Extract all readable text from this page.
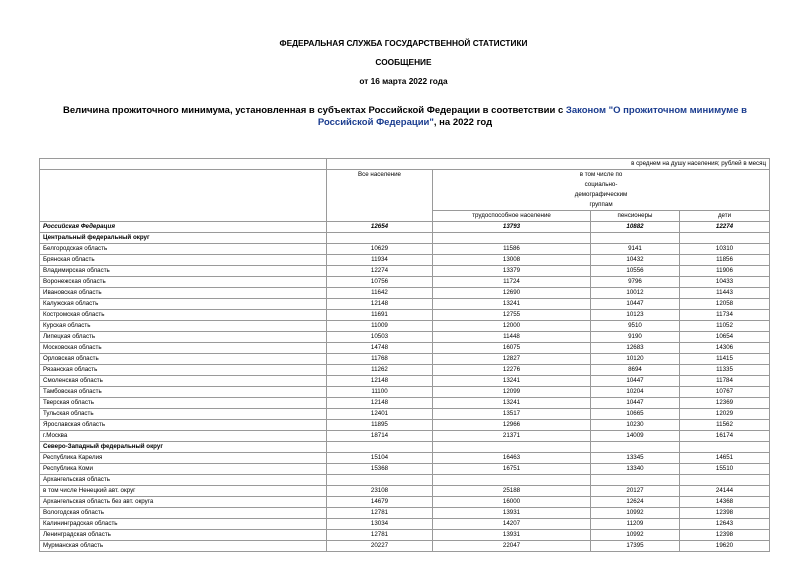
ФЕДЕРАЛЬНАЯ СЛУЖБА ГОСУДАРСТВЕННОЙ СТАТИСТИКИ
СООБЩЕНИЕ
от 16 марта 2022 года
Величина прожиточного минимума, установленная в субъектах Российской Федерации в соответствии с Законом "О прожиточном минимуме в Российской Федерации", на 2022 год
	в среднем на душу населения; рублей в месяц			
	Все население	в том числе по социально-демографическим группам		
		трудоспособное население	пенсионеры	дети
Российская Федерация	12654	13793	10882	12274
Центральный федеральный округ				
Белгородская область	10629	11586	9141	10310
Брянская область	11934	13008	10432	11856
Владимирская область	12274	13379	10556	11906
Воронежская область	10756	11724	9796	10433
Ивановская область	11642	12690	10012	11443
Калужская область	12148	13241	10447	12058
Костромская область	11691	12755	10123	11734
Курская область	11009	12000	9510	11052
Липецкая область	10503	11448	9190	10654
Московская область	14748	16075	12683	14306
Орловская область	11768	12827	10120	11415
Рязанская область	11262	12276	8694	11335
Смоленская область	12148	13241	10447	11784
Тамбовская область	11100	12099	10204	10767
Тверская область	12148	13241	10447	12369
Тульская область	12401	13517	10665	12029
Ярославская область	11895	12966	10230	11562
г.Москва	18714	21371	14009	16174
Северо-Западный федеральный округ				
Республика Карелия	15104	16463	13345	14651
Республика Коми	15368	16751	13340	15510
Архангельская область				
в том числе Ненецкий авт. округ	23108	25188	20127	24144
Архангельская область без авт. округа	14679	16000	12624	14368
Вологодская область	12781	13931	10992	12398
Калининградская область	13034	14207	11209	12643
Ленинградская область	12781	13931	10992	12398
Мурманская область	20227	22047	17395	19620
